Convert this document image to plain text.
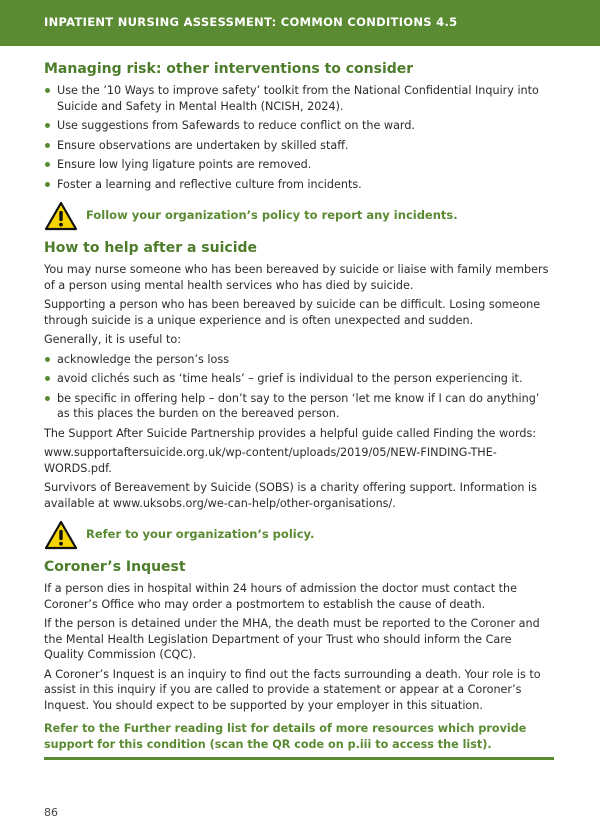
INPATIENT NURSING ASSESSMENT: COMMON CONDITIONS 4.5
Managing risk: other interventions to consider
Use the ’10 Ways to improve safety’ toolkit from the National Confidential Inquiry into Suicide and Safety in Mental Health (NCISH, 2024).
Use suggestions from Safewards to reduce conflict on the ward.
Ensure observations are undertaken by skilled staff.
Ensure low lying ligature points are removed.
Foster a learning and reflective culture from incidents.
Follow your organization’s policy to report any incidents.
How to help after a suicide

You may nurse someone who has been bereaved by suicide or liaise with family members of a person using mental health services who has died by suicide.

Supporting a person who has been bereaved by suicide can be difficult. Losing someone through suicide is a unique experience and is often unexpected and sudden.

Generally, it is useful to:

acknowledge the person’s loss
avoid clichés such as ‘time heals’ – grief is individual to the person experiencing it.
be specific in offering help – don’t say to the person ‘let me know if I can do anything’ as this places the burden on the bereaved person.

The Support After Suicide Partnership provides a helpful guide called Finding the words:

www.supportaftersuicide.org.uk/wp-content/uploads/2019/05/NEW-FINDING-THE-WORDS.pdf.

Survivors of Bereavement by Suicide (SOBS) is a charity offering support. Information is available at www.uksobs.org/we-can-help/other-organisations/.

Refer to your organization’s policy.
Coroner’s Inquest

If a person dies in hospital within 24 hours of admission the doctor must contact the Coroner’s Office who may order a postmortem to establish the cause of death.

If the person is detained under the MHA, the death must be reported to the Coroner and the Mental Health Legislation Department of your Trust who should inform the Care Quality Commission (CQC).

A Coroner’s Inquest is an inquiry to find out the facts surrounding a death. Your role is to assist in this inquiry if you are called to provide a statement or appear at a Coroner’s Inquest. You should expect to be supported by your employer in this situation.

Refer to the Further reading list for details of more resources which provide support for this condition (scan the QR code on p.iii to access the list).

86
